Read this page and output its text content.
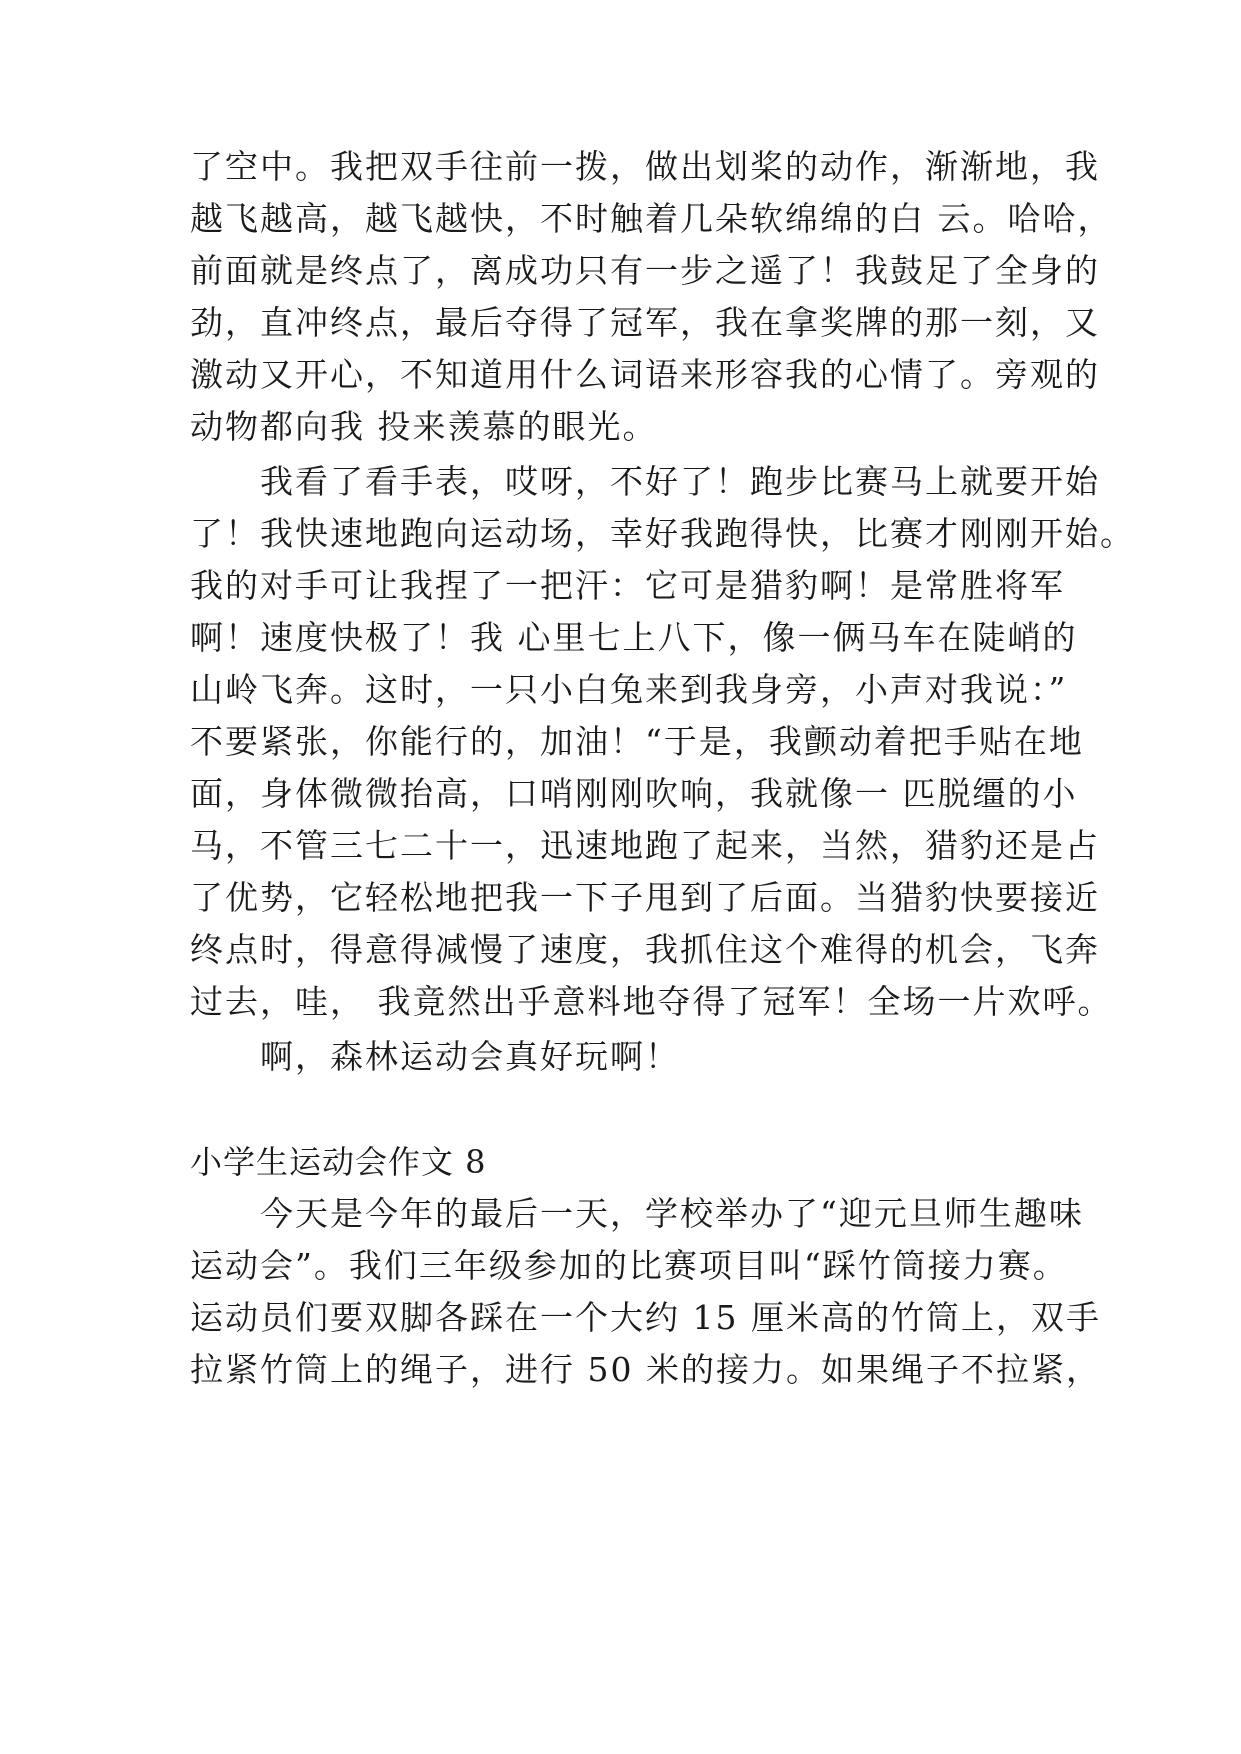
了空中。我把双手往前一拨，做出划桨的动作，渐渐地，我
越飞越高，越飞越快，不时触着几朵软绵绵的白 云。哈哈，
前面就是终点了，离成功只有一步之遥了！我鼓足了全身的
劲，直冲终点，最后夺得了冠军，我在拿奖牌的那一刻，又
激动又开心，不知道用什么词语来形容我的心情了。旁观的
动物都向我 投来羡慕的眼光。
　　我看了看手表，哎呀，不好了！跑步比赛马上就要开始
了！我快速地跑向运动场，幸好我跑得快，比赛才刚刚开始。
我的对手可让我捏了一把汗：它可是猎豹啊！是常胜将军
啊！速度快极了！我 心里七上八下，像一俩马车在陡峭的
山岭飞奔。这时，一只小白兔来到我身旁，小声对我说：”
不要紧张，你能行的，加油！“于是，我颤动着把手贴在地
面，身体微微抬高，口哨刚刚吹响，我就像一 匹脱缰的小
马，不管三七二十一，迅速地跑了起来，当然，猎豹还是占
了优势，它轻松地把我一下子甩到了后面。当猎豹快要接近
终点时，得意得减慢了速度，我抓住这个难得的机会，飞奔
过去，哇， 我竟然出乎意料地夺得了冠军！全场一片欢呼。
　　啊，森林运动会真好玩啊！
小学生运动会作文 8
　　今天是今年的最后一天，学校举办了“迎元旦师生趣味
运动会”。我们三年级参加的比赛项目叫“踩竹筒接力赛。
运动员们要双脚各踩在一个大约 15 厘米高的竹筒上，双手
拉紧竹筒上的绳子，进行 50 米的接力。如果绳子不拉紧，
